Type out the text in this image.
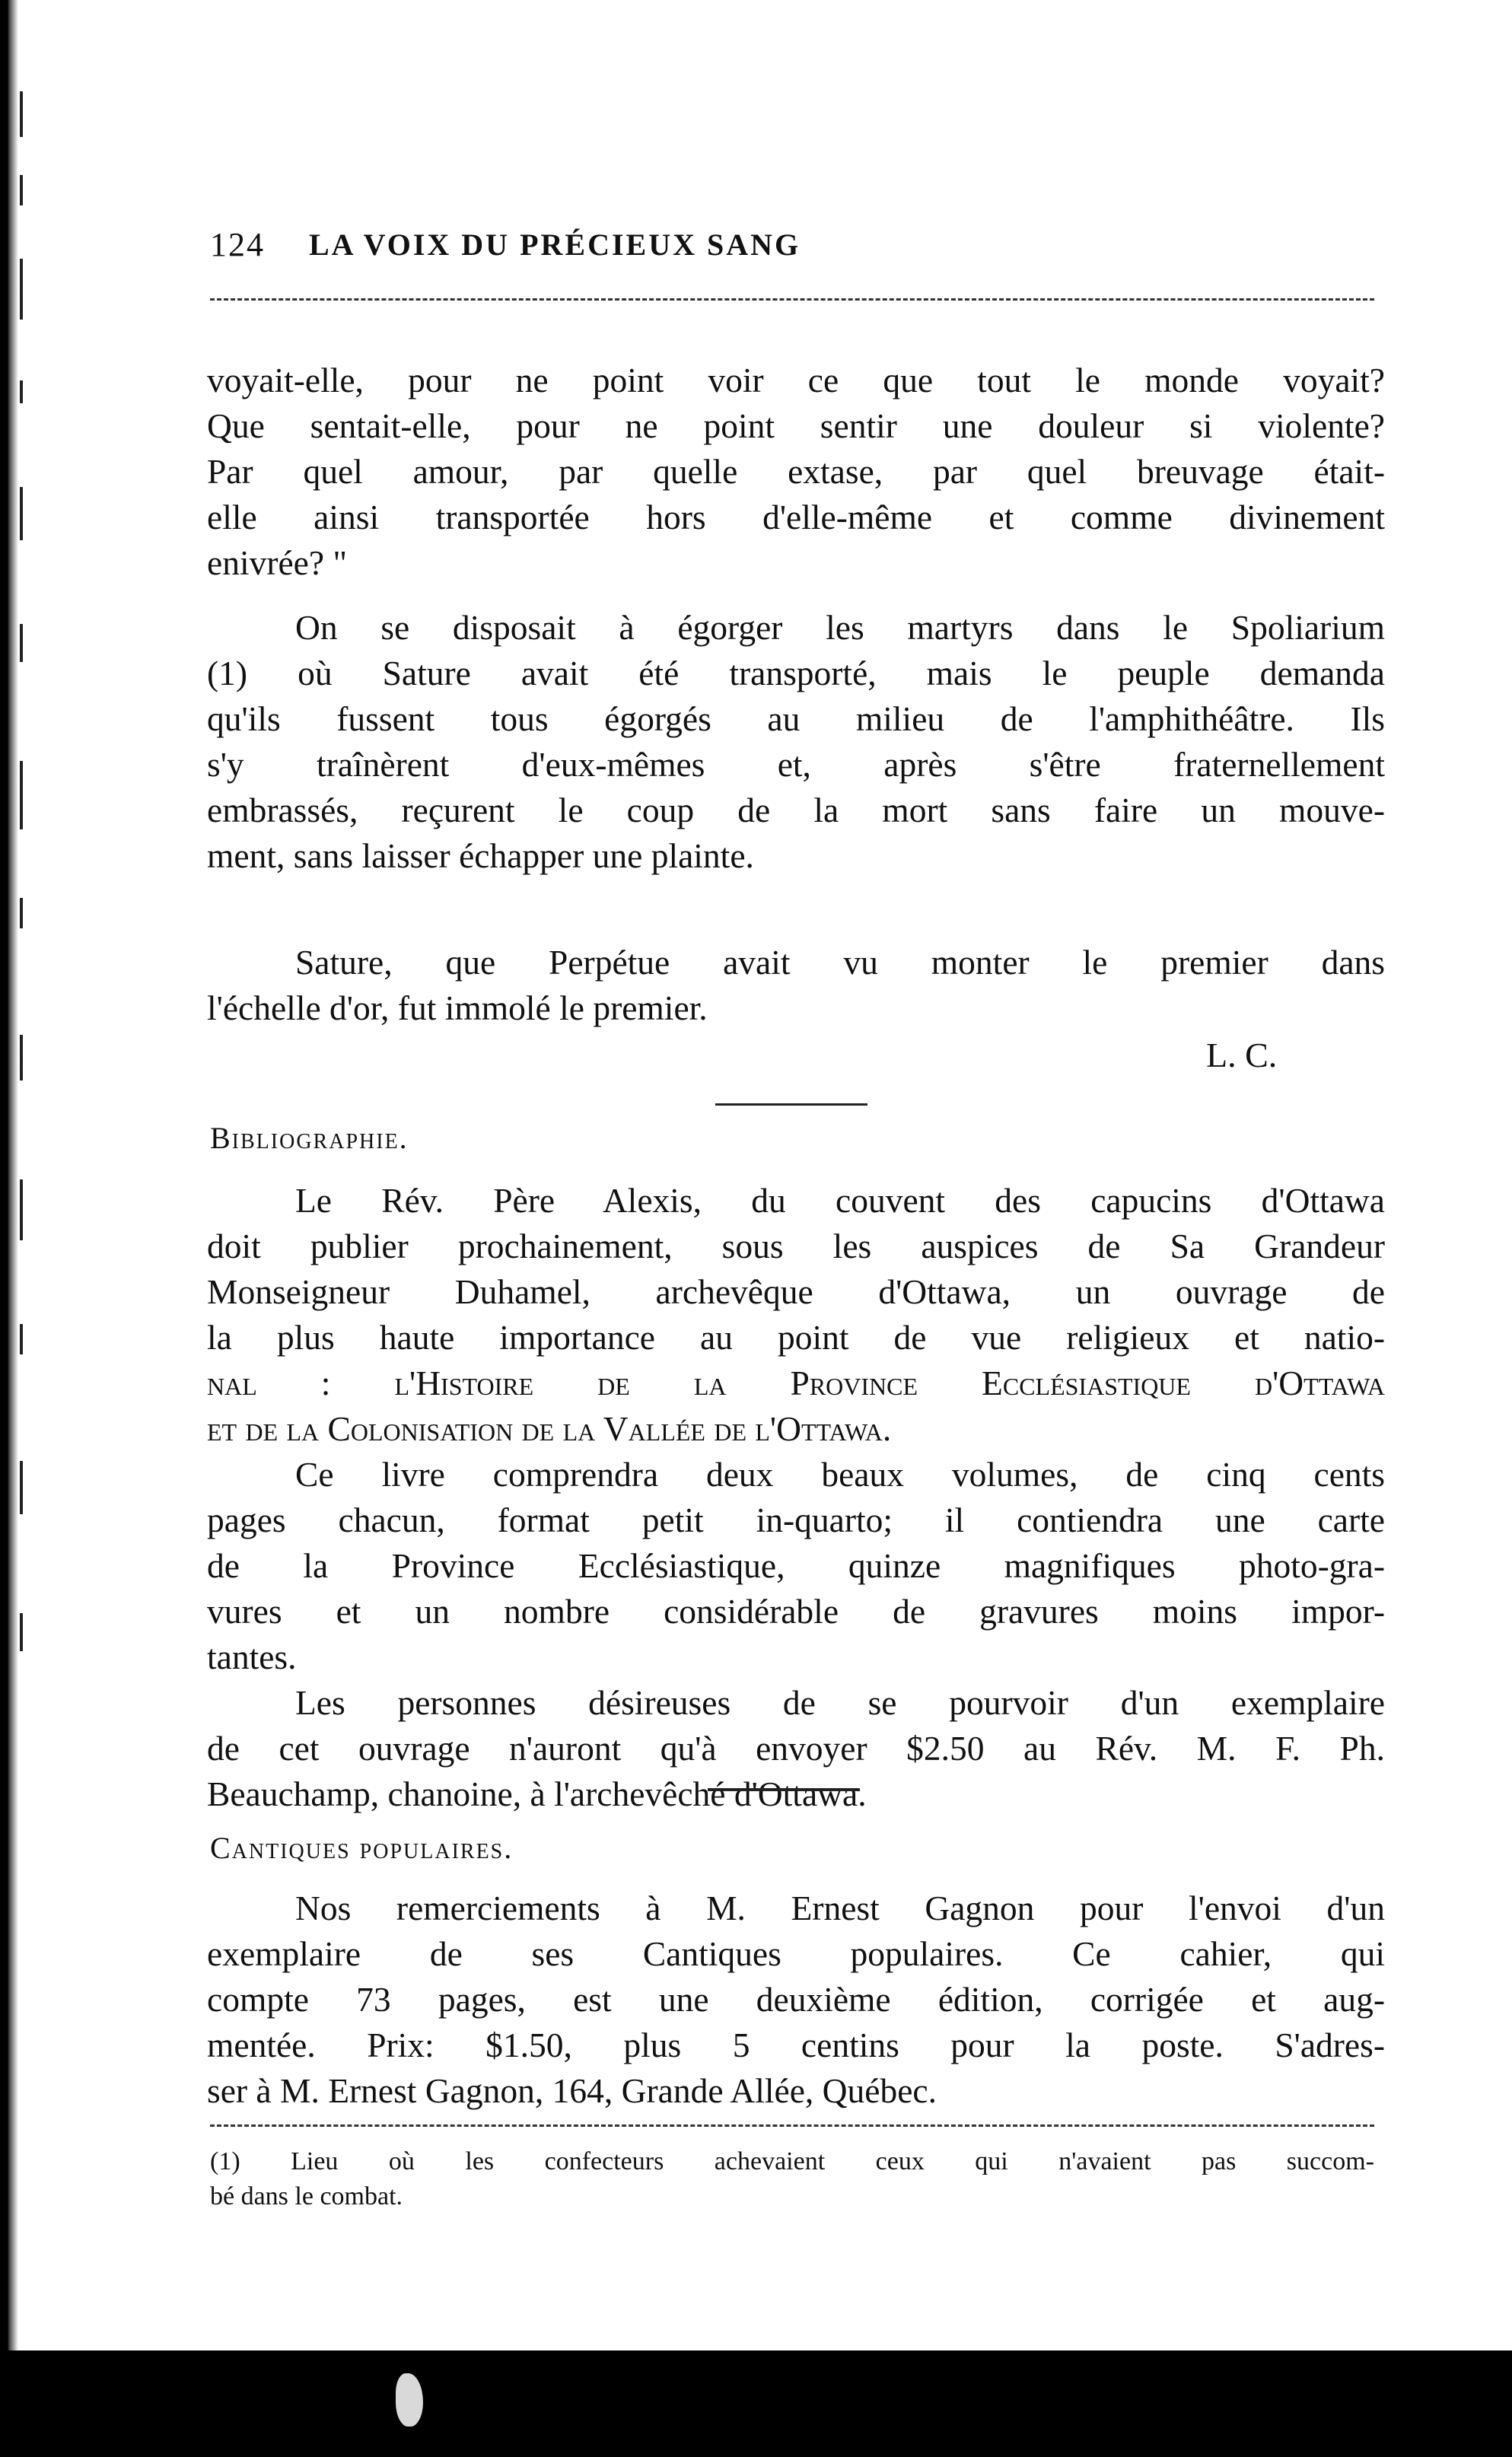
124 LA VOIX DU PRÉCIEUX SANG

voyait-elle, pour ne point voir ce que tout le monde voyait?

Que sentait-elle, pour ne point sentir une douleur si violente?

Par quel amour, par quelle extase, par quel breuvage était-

elle ainsi transportée hors d'elle-même et comme divinement

enivrée? "

On se disposait à égorger les martyrs dans le Spoliarium

(1) où Sature avait été transporté, mais le peuple demanda

qu'ils fussent tous égorgés au milieu de l'amphithéâtre. Ils

s'y traînèrent d'eux-mêmes et, après s'être fraternellement

embrassés, reçurent le coup de la mort sans faire un mouve-

ment, sans laisser échapper une plainte.

Sature, que Perpétue avait vu monter le premier dans

l'échelle d'or, fut immolé le premier.

L. C.
Bibliographie.

Le Rév. Père Alexis, du couvent des capucins d'Ottawa

doit publier prochainement, sous les auspices de Sa Grandeur

Monseigneur Duhamel, archevêque d'Ottawa, un ouvrage de

la plus haute importance au point de vue religieux et natio-

nal : l'Histoire de la Province Ecclésiastique d'Ottawa

et de la Colonisation de la Vallée de l'Ottawa.

Ce livre comprendra deux beaux volumes, de cinq cents

pages chacun, format petit in-quarto; il contiendra une carte

de la Province Ecclésiastique, quinze magnifiques photo-gra-

vures et un nombre considérable de gravures moins impor-

tantes.

Les personnes désireuses de se pourvoir d'un exemplaire

de cet ouvrage n'auront qu'à envoyer $2.50 au Rév. M. F. Ph.

Beauchamp, chanoine, à l'archevêché d'Ottawa.

Cantiques populaires.

Nos remerciements à M. Ernest Gagnon pour l'envoi d'un

exemplaire de ses Cantiques populaires. Ce cahier, qui

compte 73 pages, est une deuxième édition, corrigée et aug-

mentée. Prix: $1.50, plus 5 centins pour la poste. S'adres-

ser à M. Ernest Gagnon, 164, Grande Allée, Québec.

(1) Lieu où les confecteurs achevaient ceux qui n'avaient pas succom-

bé dans le combat.
